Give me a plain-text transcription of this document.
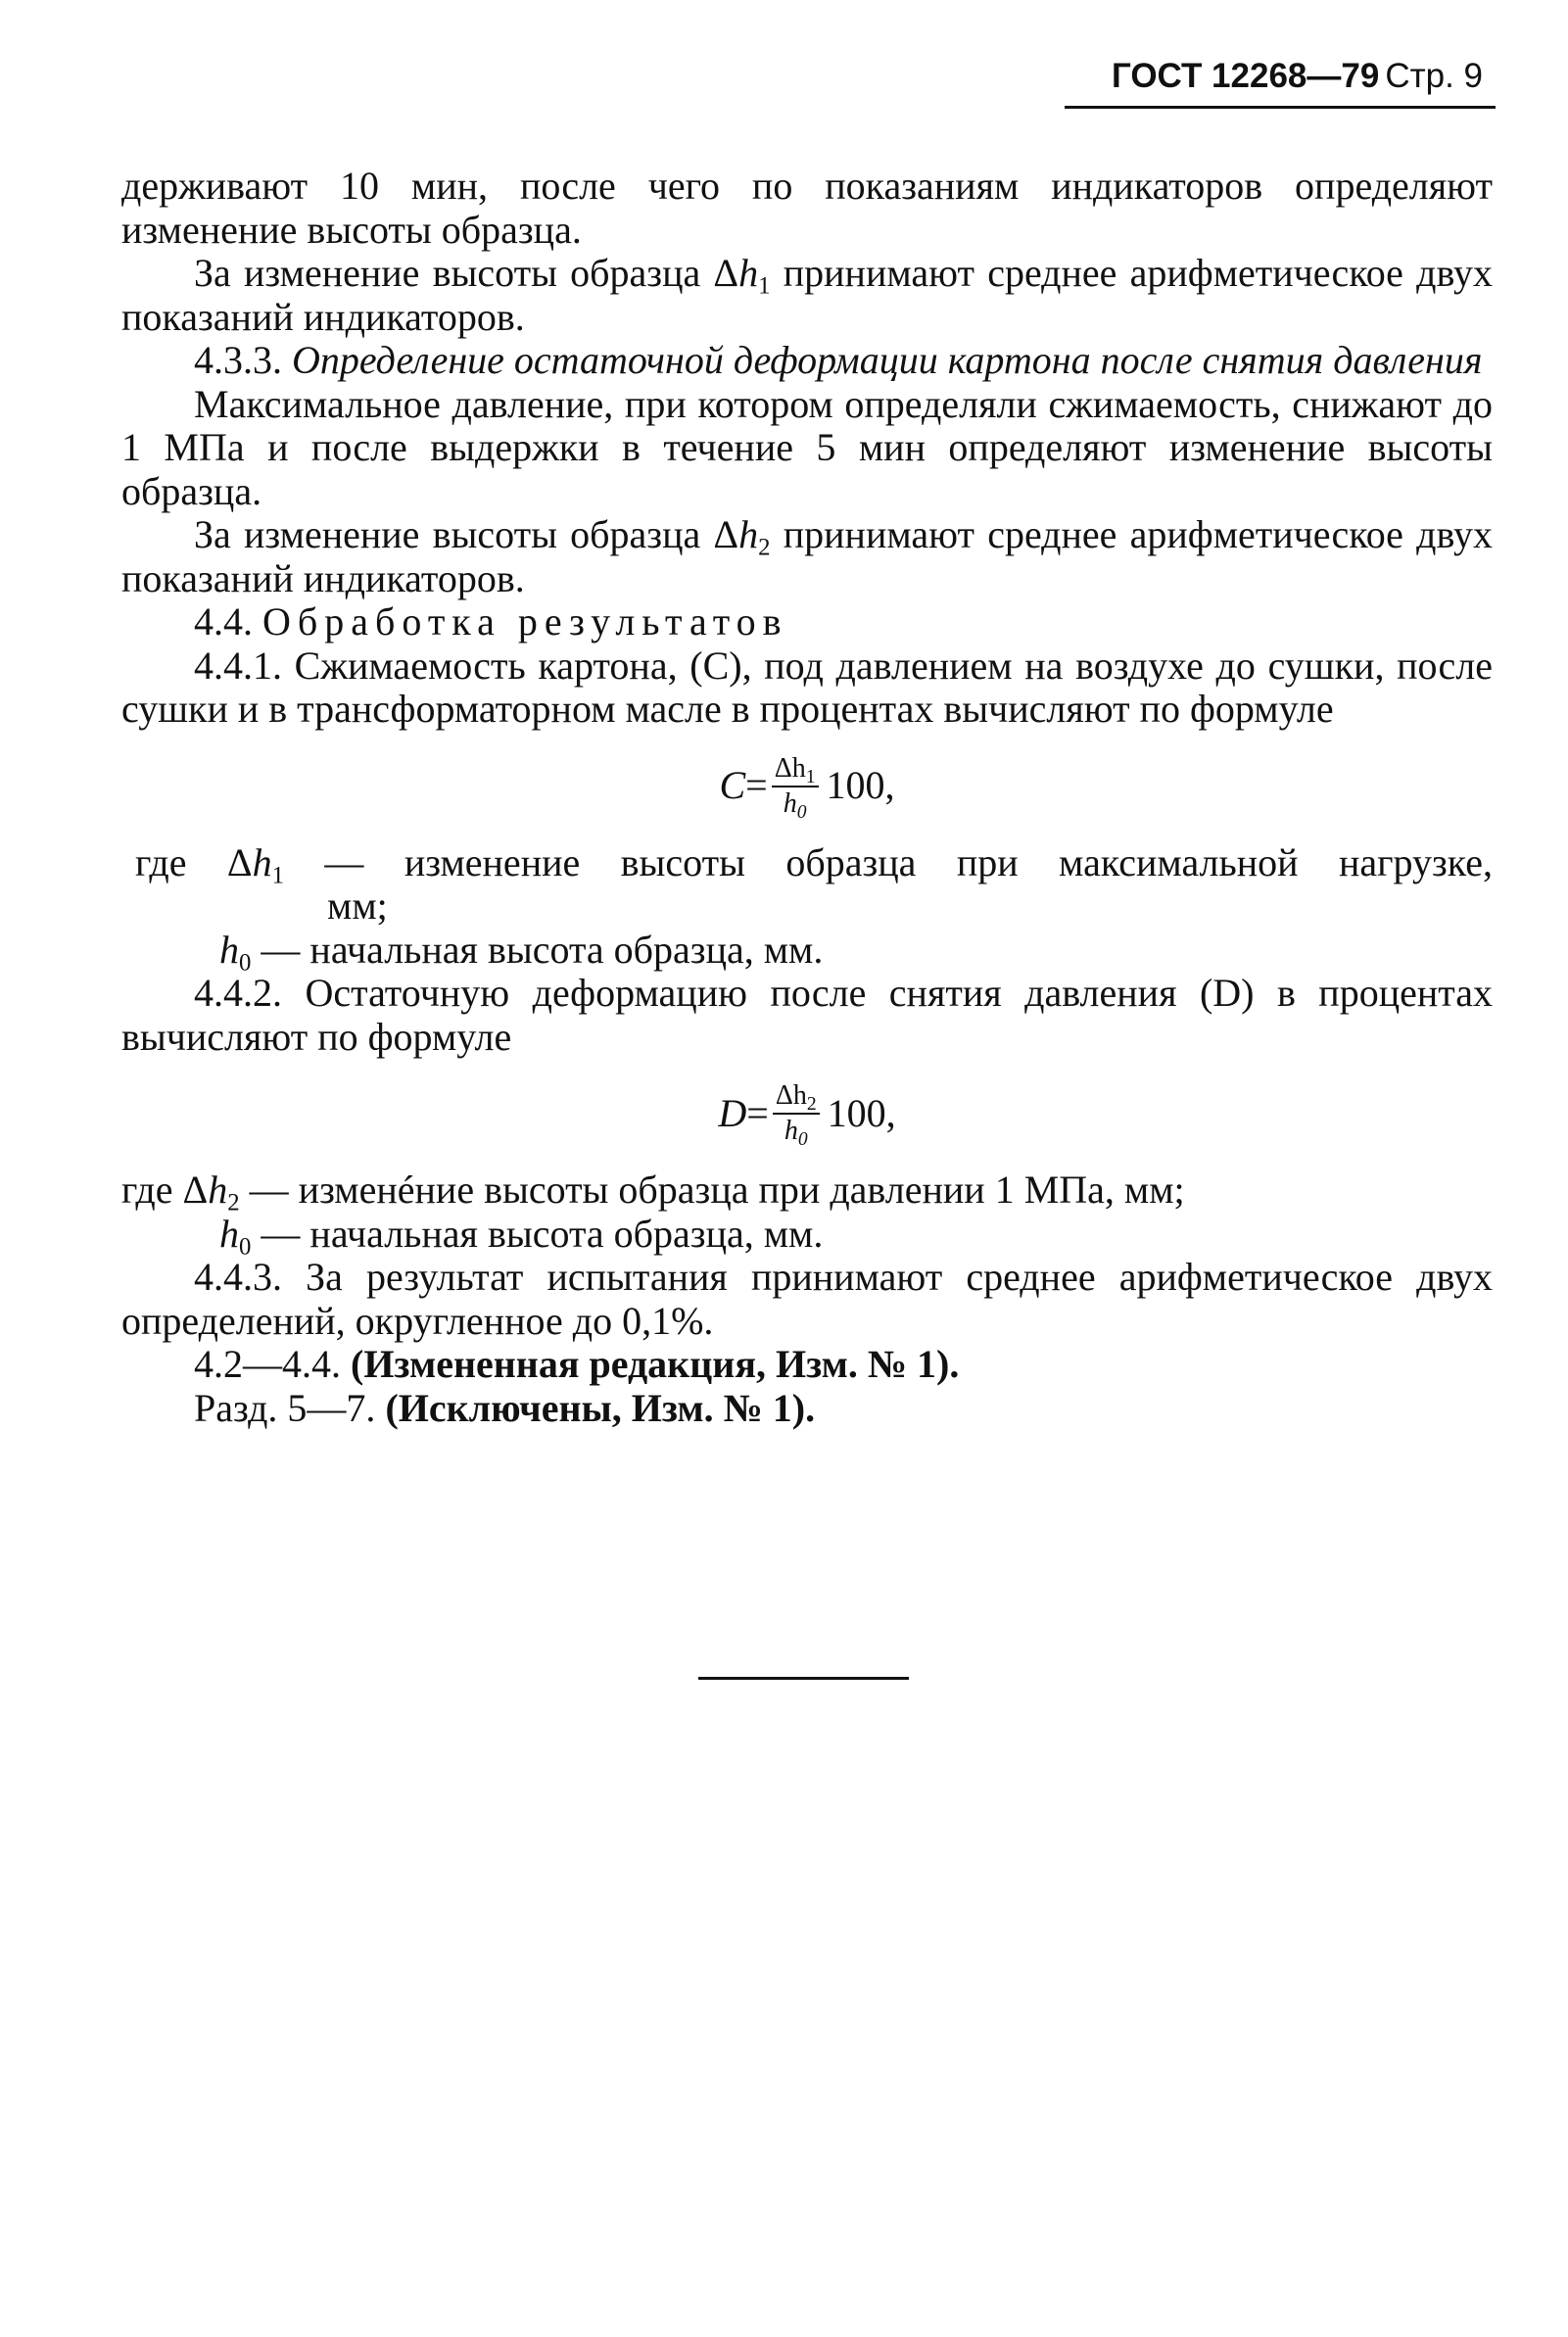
ГОСТ 12268—79 Стр. 9

держивают 10 мин, после чего по показаниям индикаторов определяют изменение высоты образца.

За изменение высоты образца $\Delta h_1$ принимают среднее арифметическое двух показаний индикаторов.

4.3.3. Определение остаточной деформации картона после снятия давления

Максимальное давление, при котором определяли сжимаемость, снижают до 1 МПа и после выдержки в течение 5 мин определяют изменение высоты образца.

За изменение высоты образца $\Delta h_2$ принимают среднее арифметическое двух показаний индикаторов.

4.4. Обработка результатов

4.4.1. Сжимаемость картона, (C), под давлением на воздухе до сушки, после сушки и в трансформаторном масле в процентах вычисляют по формуле

$C = \frac{\Delta h_1}{h_0} 100$,
где $\Delta h_1$ — изменение высоты образца при максимальной нагрузке,
мм;
$h_0$ — начальная высота образца, мм.

4.4.2. Остаточную деформацию после снятия давления (D) в процентах вычисляют по формуле

$D = \frac{\Delta h_2}{h_0} 100$,
где $\Delta h_2$ — изменéние высоты образца при давлении 1 МПа, мм;
$h_0$ — начальная высота образца, мм.

4.4.3. За результат испытания принимают среднее арифметическое двух определений, округленное до 0,1%.

4.2—4.4. (Измененная редакция, Изм. № 1).

Разд. 5—7. (Исключены, Изм. № 1).
